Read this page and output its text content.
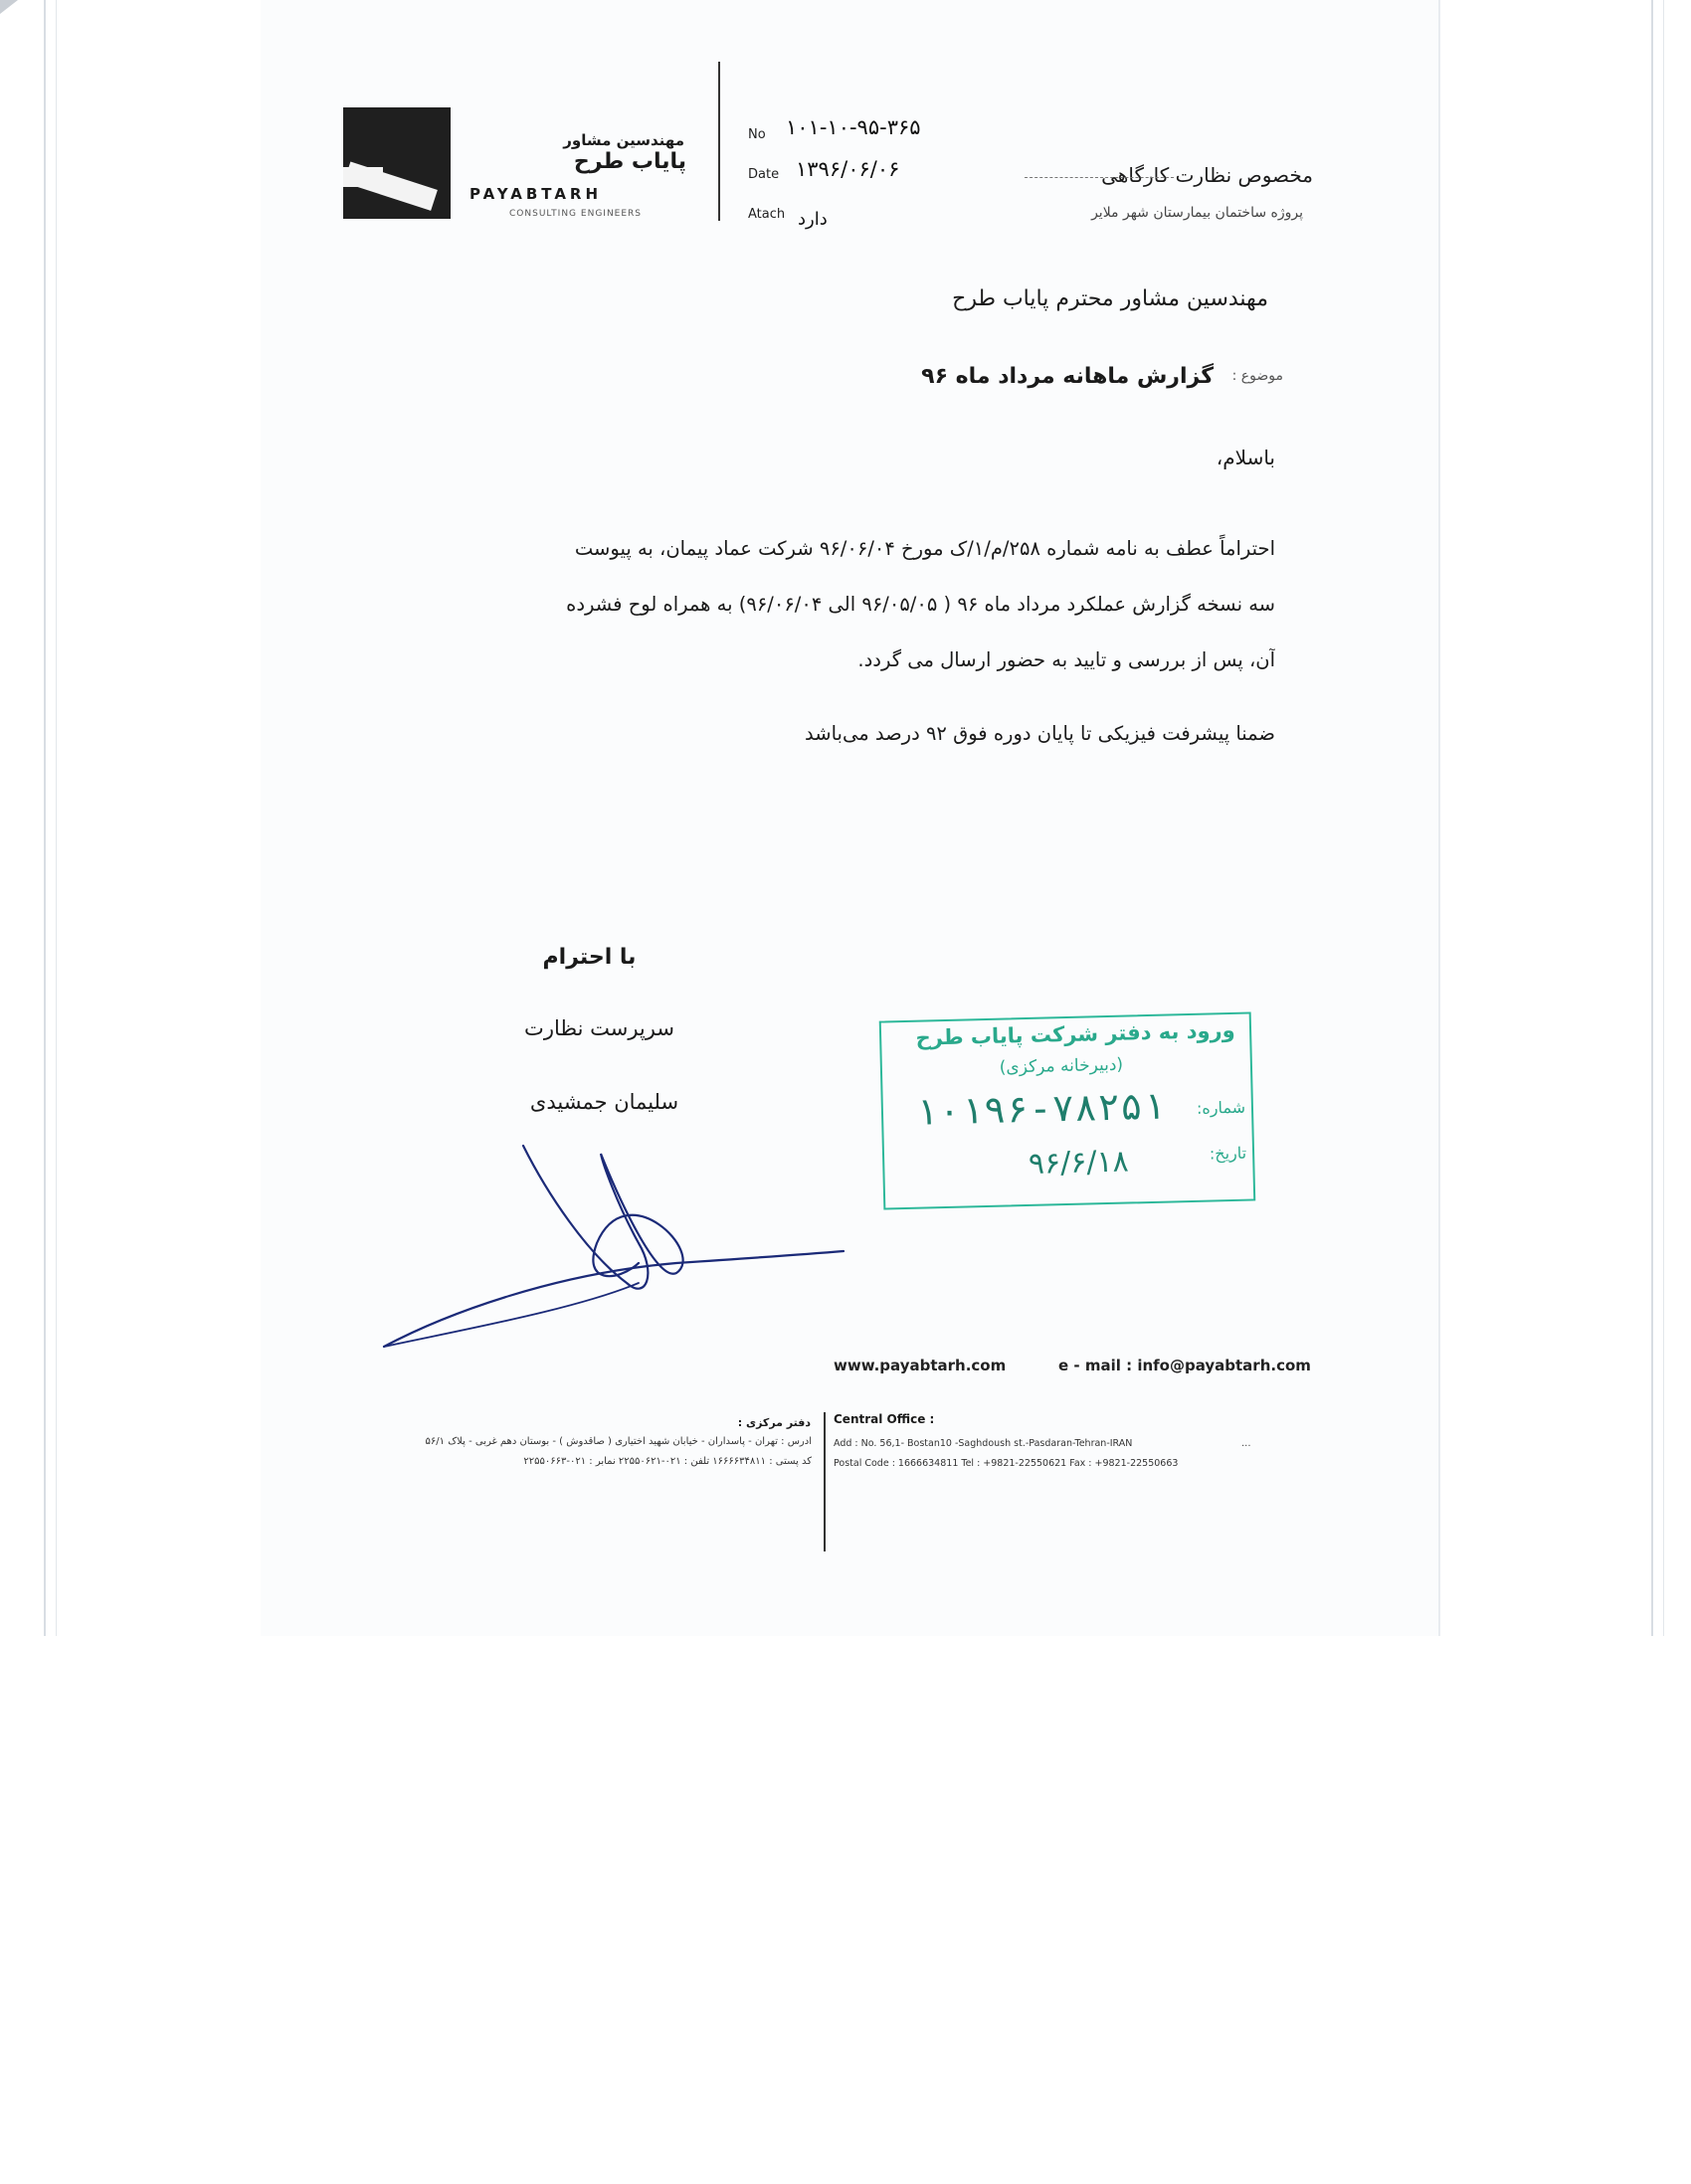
مهندسین مشاور
پایاب طرح
PAYABTARH
CONSULTING ENGINEERS
No ۱۰۱-۱۰-۹۵-۳۶۵
Date ۱۳۹۶/۰۶/۰۶
Atach دارد
مخصوص نظارت کارگاهی
پروژه ساختمان بیمارستان شهر ملایر
مهندسین مشاور محترم پایاب طرح
موضوع :
گزارش ماهانه مرداد ماه ۹۶
باسلام،
احتراماً عطف به نامه شماره ۲۵۸/م/۱/ک مورخ ۹۶/۰۶/۰۴ شرکت عماد پیمان، به پیوست
سه نسخه گزارش عملکرد مرداد ماه ۹۶ ( ۹۶/۰۵/۰۵ الی ۹۶/۰۶/۰۴) به همراه لوح فشرده
آن، پس از بررسی و تایید به حضور ارسال می گردد.
ضمنا پیشرفت فیزیکی تا پایان دوره فوق ۹۲ درصد می‌باشد
با احترام
سرپرست نظارت
سلیمان جمشیدی
ورود به دفتر شرکت پایاب طرح
(دبیرخانه مرکزی)
شماره:
۱۰۱۹۶-۷۸۲۵۱
تاریخ:
۹۶/۶/۱۸
www.payabtarh.com	e - mail : info@payabtarh.com
Central Office :
Add : No. 56,1- Bostan10 -Saghdoush st.-Pasdaran-Tehran-IRAN
Postal Code : 1666634811 Tel : +9821-22550621 Fax : +9821-22550663
...
دفتر مرکزی :
آدرس : تهران - پاسداران - خیابان شهید اختیاری ( صاقدوش ) - بوستان دهم غربی - پلاک ۵۶/۱
کد پستی : ۱۶۶۶۶۳۴۸۱۱ تلفن : ۰۲۱-۲۲۵۵۰۶۲۱ نمابر : ۰۲۱-۲۲۵۵۰۶۶۳
